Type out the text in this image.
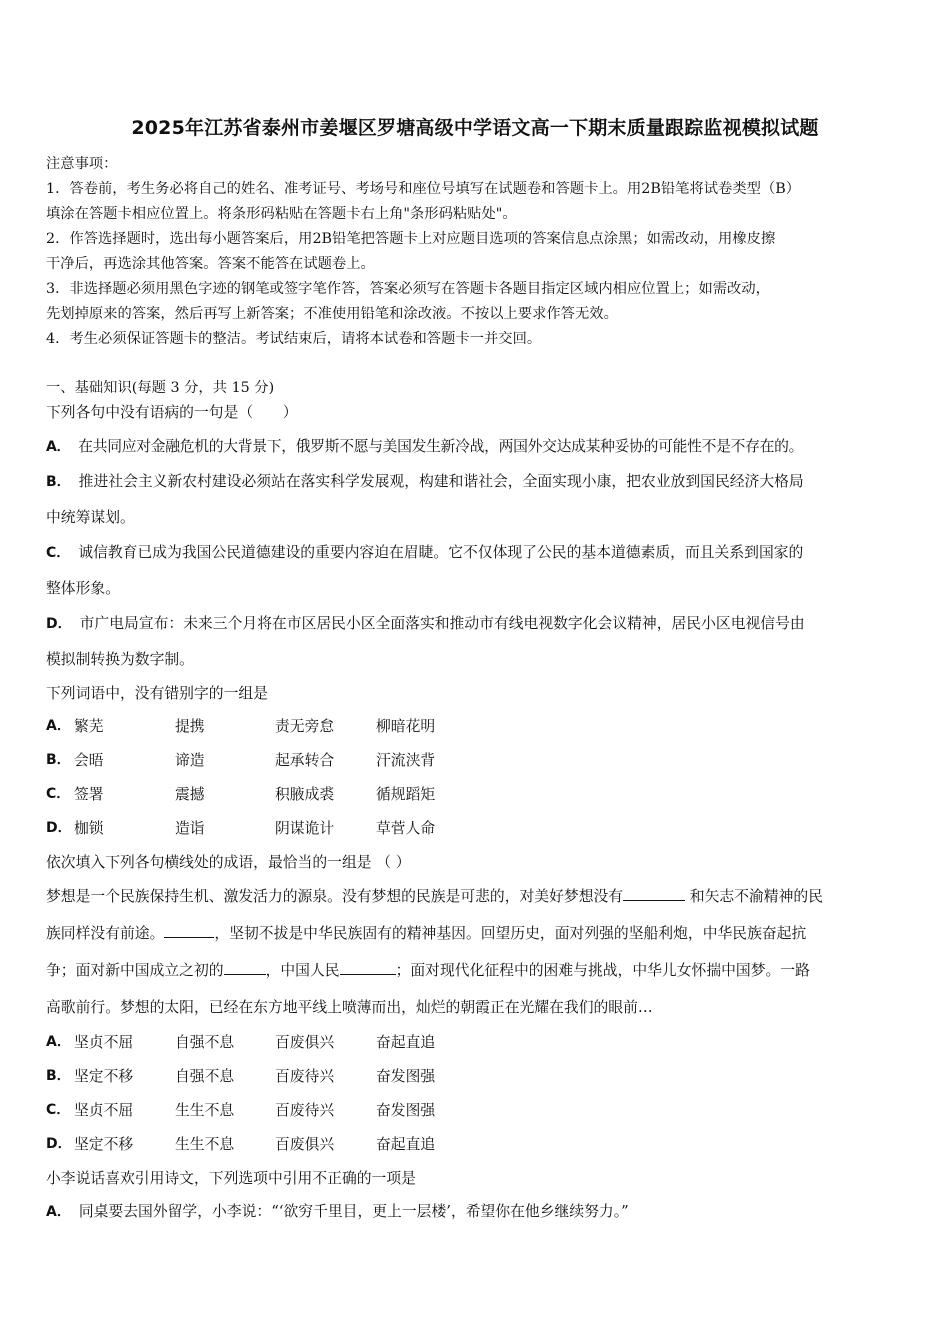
2025年江苏省泰州市姜堰区罗塘高级中学语文高一下期末质量跟踪监视模拟试题
注意事项：
1．答卷前，考生务必将自己的姓名、准考证号、考场号和座位号填写在试题卷和答题卡上。用2B铅笔将试卷类型（B）
填涂在答题卡相应位置上。将条形码粘贴在答题卡右上角"条形码粘贴处"。
2．作答选择题时，选出每小题答案后，用2B铅笔把答题卡上对应题目选项的答案信息点涂黑；如需改动，用橡皮擦
干净后，再选涂其他答案。答案不能答在试题卷上。
3．非选择题必须用黑色字迹的钢笔或签字笔作答，答案必须写在答题卡各题目指定区域内相应位置上；如需改动，
先划掉原来的答案，然后再写上新答案；不准使用铅笔和涂改液。不按以上要求作答无效。
4．考生必须保证答题卡的整洁。考试结束后，请将本试卷和答题卡一并交回。
一、基础知识(每题 3 分，共 15 分)
下列各句中没有语病的一句是（　　）
A． 在共同应对金融危机的大背景下，俄罗斯不愿与美国发生新冷战，两国外交达成某种妥协的可能性不是不存在的。
B． 推进社会主义新农村建设必须站在落实科学发展观，构建和谐社会，全面实现小康，把农业放到国民经济大格局
中统筹谋划。
C． 诚信教育已成为我国公民道德建设的重要内容迫在眉睫。它不仅体现了公民的基本道德素质，而且关系到国家的
整体形象。
D． 市广电局宣布：未来三个月将在市区居民小区全面落实和推动市有线电视数字化会议精神，居民小区电视信号由
模拟制转换为数字制。
下列词语中，没有错别字的一组是
A． 繁芜	提携	责无旁怠	柳暗花明
B． 会晤	谛造	起承转合	汗流浃背
C． 签署	震撼	积腋成裘	循规蹈矩
D． 枷锁	造诣	阴谋诡计	草菅人命
依次填入下列各句横线处的成语，最恰当的一组是 （ ）
梦想是一个民族保持生机、激发活力的源泉。没有梦想的民族是可悲的，对美好梦想没有	和矢志不渝精神的民
族同样没有前途。	，坚韧不拔是中华民族固有的精神基因。回望历史，面对列强的坚船利炮，中华民族奋起抗
争；面对新中国成立之初的	，中国人民	；面对现代化征程中的困难与挑战，中华儿女怀揣中国梦。一路
高歌前行。梦想的太阳，已经在东方地平线上喷薄而出，灿烂的朝霞正在光耀在我们的眼前…
A． 坚贞不屈	自强不息	百废俱兴	奋起直追
B． 坚定不移	自强不息	百废待兴	奋发图强
C． 坚贞不屈	生生不息	百废待兴	奋发图强
D． 坚定不移	生生不息	百废俱兴	奋起直追
小李说话喜欢引用诗文，下列选项中引用不正确的一项是
A． 同桌要去国外留学，小李说：“‘欲穷千里目，更上一层楼’，希望你在他乡继续努力。”
